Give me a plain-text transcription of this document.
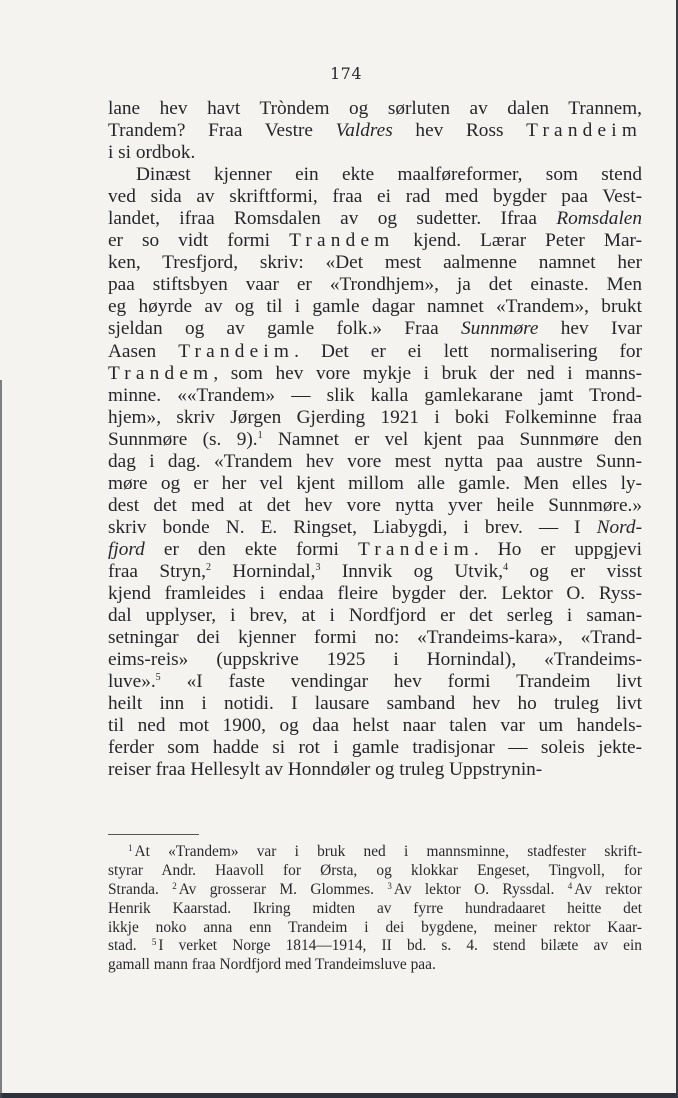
174
lane hev havt Tròndem og sørluten av dalen Trannem,
Trandem? Fraa Vestre Valdres hev Ross Trandeim
i si ordbok.
Dinæst kjenner ein ekte maalføreformer, som stend
ved sida av skriftformi, fraa ei rad med bygder paa Vest-
landet, ifraa Romsdalen av og sudetter. Ifraa Romsdalen
er so vidt formi Trandem kjend. Lærar Peter Mar-
ken, Tresfjord, skriv: «Det mest aalmenne namnet her
paa stiftsbyen vaar er «Trondhjem», ja det einaste. Men
eg høyrde av og til i gamle dagar namnet «Trandem», brukt
sjeldan og av gamle folk.» Fraa Sunnmøre hev Ivar
Aasen Trandeim. Det er ei lett normalisering for
Trandem, som hev vore mykje i bruk der ned i manns-
minne. ««Trandem» — slik kalla gamlekarane jamt Trond-
hjem», skriv Jørgen Gjerding 1921 i boki Folkeminne fraa
Sunnmøre (s. 9).$^1$ Namnet er vel kjent paa Sunnmøre den
dag i dag. «Trandem hev vore mest nytta paa austre Sunn-
møre og er her vel kjent millom alle gamle. Men elles ly-
dest det med at det hev vore nytta yver heile Sunnmøre.»
skriv bonde N. E. Ringset, Liabygdi, i brev. — I Nord-
fjord er den ekte formi Trandeim. Ho er uppgjevi
fraa Stryn,$^2$ Hornindal,$^3$ Innvik og Utvik,$^4$ og er visst
kjend framleides i endaa fleire bygder der. Lektor O. Ryss-
dal upplyser, i brev, at i Nordfjord er det serleg i saman-
setningar dei kjenner formi no: «Trandeims-kara», «Trand-
eims-reis» (uppskrive 1925 i Hornindal), «Trandeims-
luve».$^5$ «I faste vendingar hev formi Trandeim livt
heilt inn i notidi. I lausare samband hev ho truleg livt
til ned mot 1900, og daa helst naar talen var um handels-
ferder som hadde si rot i gamle tradisjonar — soleis jekte-
reiser fraa Hellesylt av Honndøler og truleg Uppstrynin-
$^1$ At «Trandem» var i bruk ned i mannsminne, stadfester skrift-
styrar Andr. Haavoll for Ørsta, og klokkar Engeset, Tingvoll, for
Stranda. $^2$ Av grosserar M. Glommes. $^3$ Av lektor O. Ryssdal. $^4$ Av rektor
Henrik Kaarstad. Ikring midten av fyrre hundradaaret heitte det
ikkje noko anna enn Trandeim i dei bygdene, meiner rektor Kaar-
stad. $^5$ I verket Norge 1814—1914, II bd. s. 4. stend bilæte av ein
gamall mann fraa Nordfjord med Trandeimsluve paa.
